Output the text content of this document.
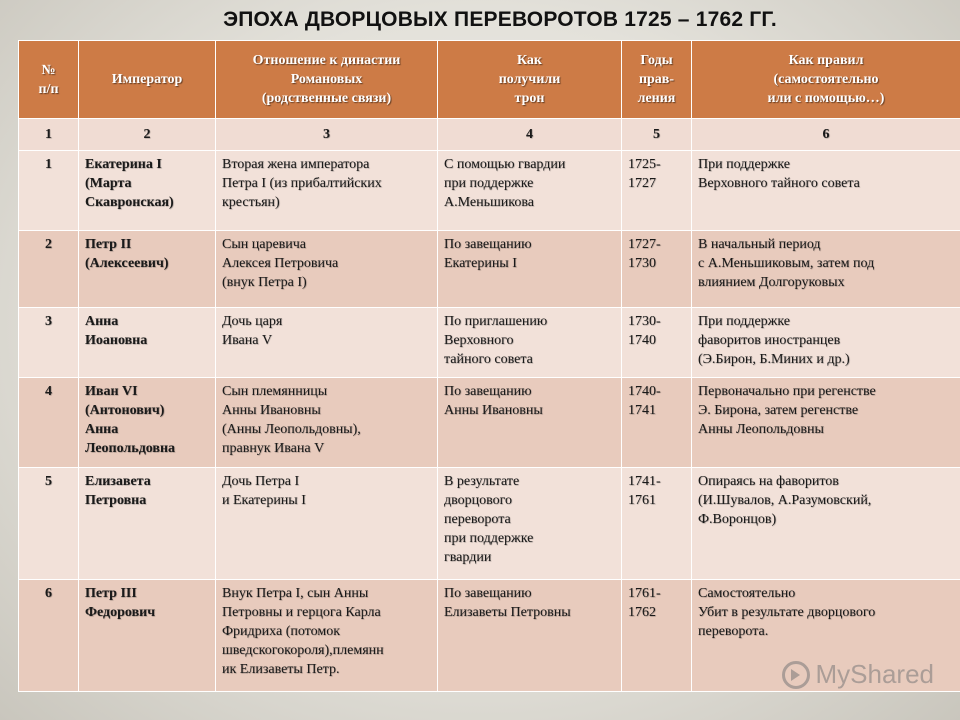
ЭПОХА ДВОРЦОВЫХ ПЕРЕВОРОТОВ 1725 – 1762 ГГ.
№
п/п	Император	Отношение к династии
Романовых
(родственные связи)	Как
получили
трон	Годы
прав-
ления	Как правил
(самостоятельно
или с помощью…)
1	2	3	4	5	6
1	Екатерина I
(Марта
Скавронская)	Вторая жена императора
Петра I (из прибалтийских
крестьян)	С помощью гвардии
при поддержке
А.Меньшикова	1725-
1727	При поддержке
Верховного тайного совета
2	Петр II
(Алексеевич)	Сын царевича
Алексея Петровича
(внук Петра I)	По завещанию
Екатерины I	1727-
1730	В начальный период
с А.Меньшиковым, затем под
влиянием Долгоруковых
3	Анна
Иоановна	Дочь царя
Ивана V	По приглашению
Верховного
тайного совета	1730-
1740	При поддержке
фаворитов иностранцев
(Э.Бирон, Б.Миних и др.)
4	Иван VI
(Антонович)
Анна
Леопольдовна	Сын племянницы
Анны Ивановны
(Анны Леопольдовны),
правнук Ивана V	По завещанию
Анны Ивановны	1740-
1741	Первоначально при регенстве
Э. Бирона, затем регенстве
Анны Леопольдовны
5	Елизавета
Петровна	Дочь Петра I
и Екатерины I	В результате
дворцового
переворота
при поддержке
гвардии	1741-
1761	Опираясь на фаворитов
(И.Шувалов, А.Разумовский,
Ф.Воронцов)
6	Петр III
Федорович	Внук Петра I, сын Анны
Петровны и герцога Карла
Фридриха (потомок
шведскогокороля),племянн
ик Елизаветы Петр.	По завещанию
Елизаветы Петровны	1761-
1762	Самостоятельно
Убит в результате дворцового
переворота.
MyShared
